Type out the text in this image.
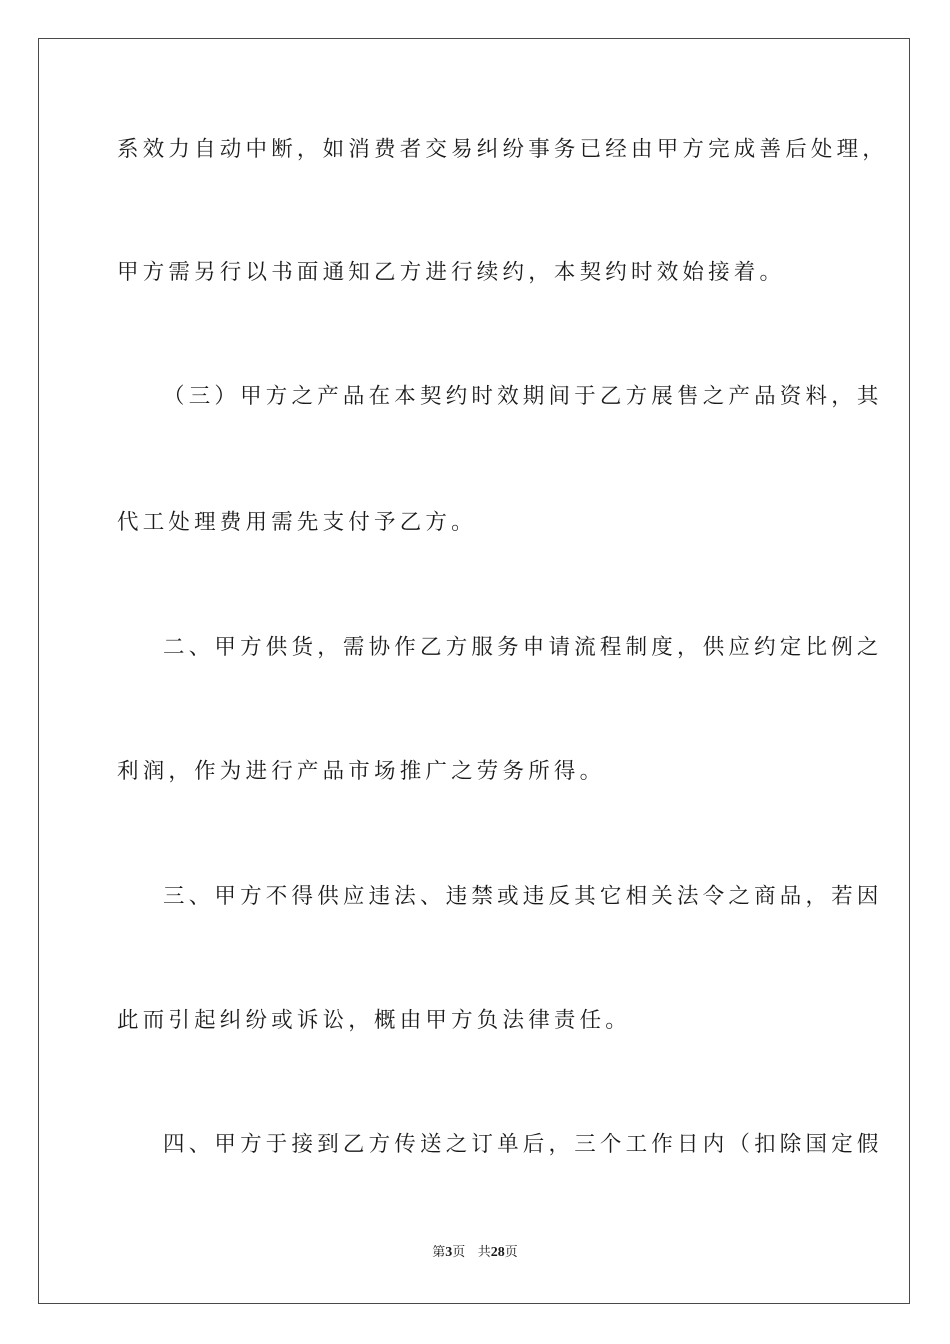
系效力自动中断，如消费者交易纠纷事务已经由甲方完成善后处理，
甲方需另行以书面通知乙方进行续约，本契约时效始接着。
（三）甲方之产品在本契约时效期间于乙方展售之产品资料，其
代工处理费用需先支付予乙方。
二、甲方供货，需协作乙方服务申请流程制度，供应约定比例之
利润，作为进行产品市场推广之劳务所得。
三、甲方不得供应违法、违禁或违反其它相关法令之商品，若因
此而引起纠纷或诉讼，概由甲方负法律责任。
四、甲方于接到乙方传送之订单后，三个工作日内（扣除国定假
第3页 共28页
